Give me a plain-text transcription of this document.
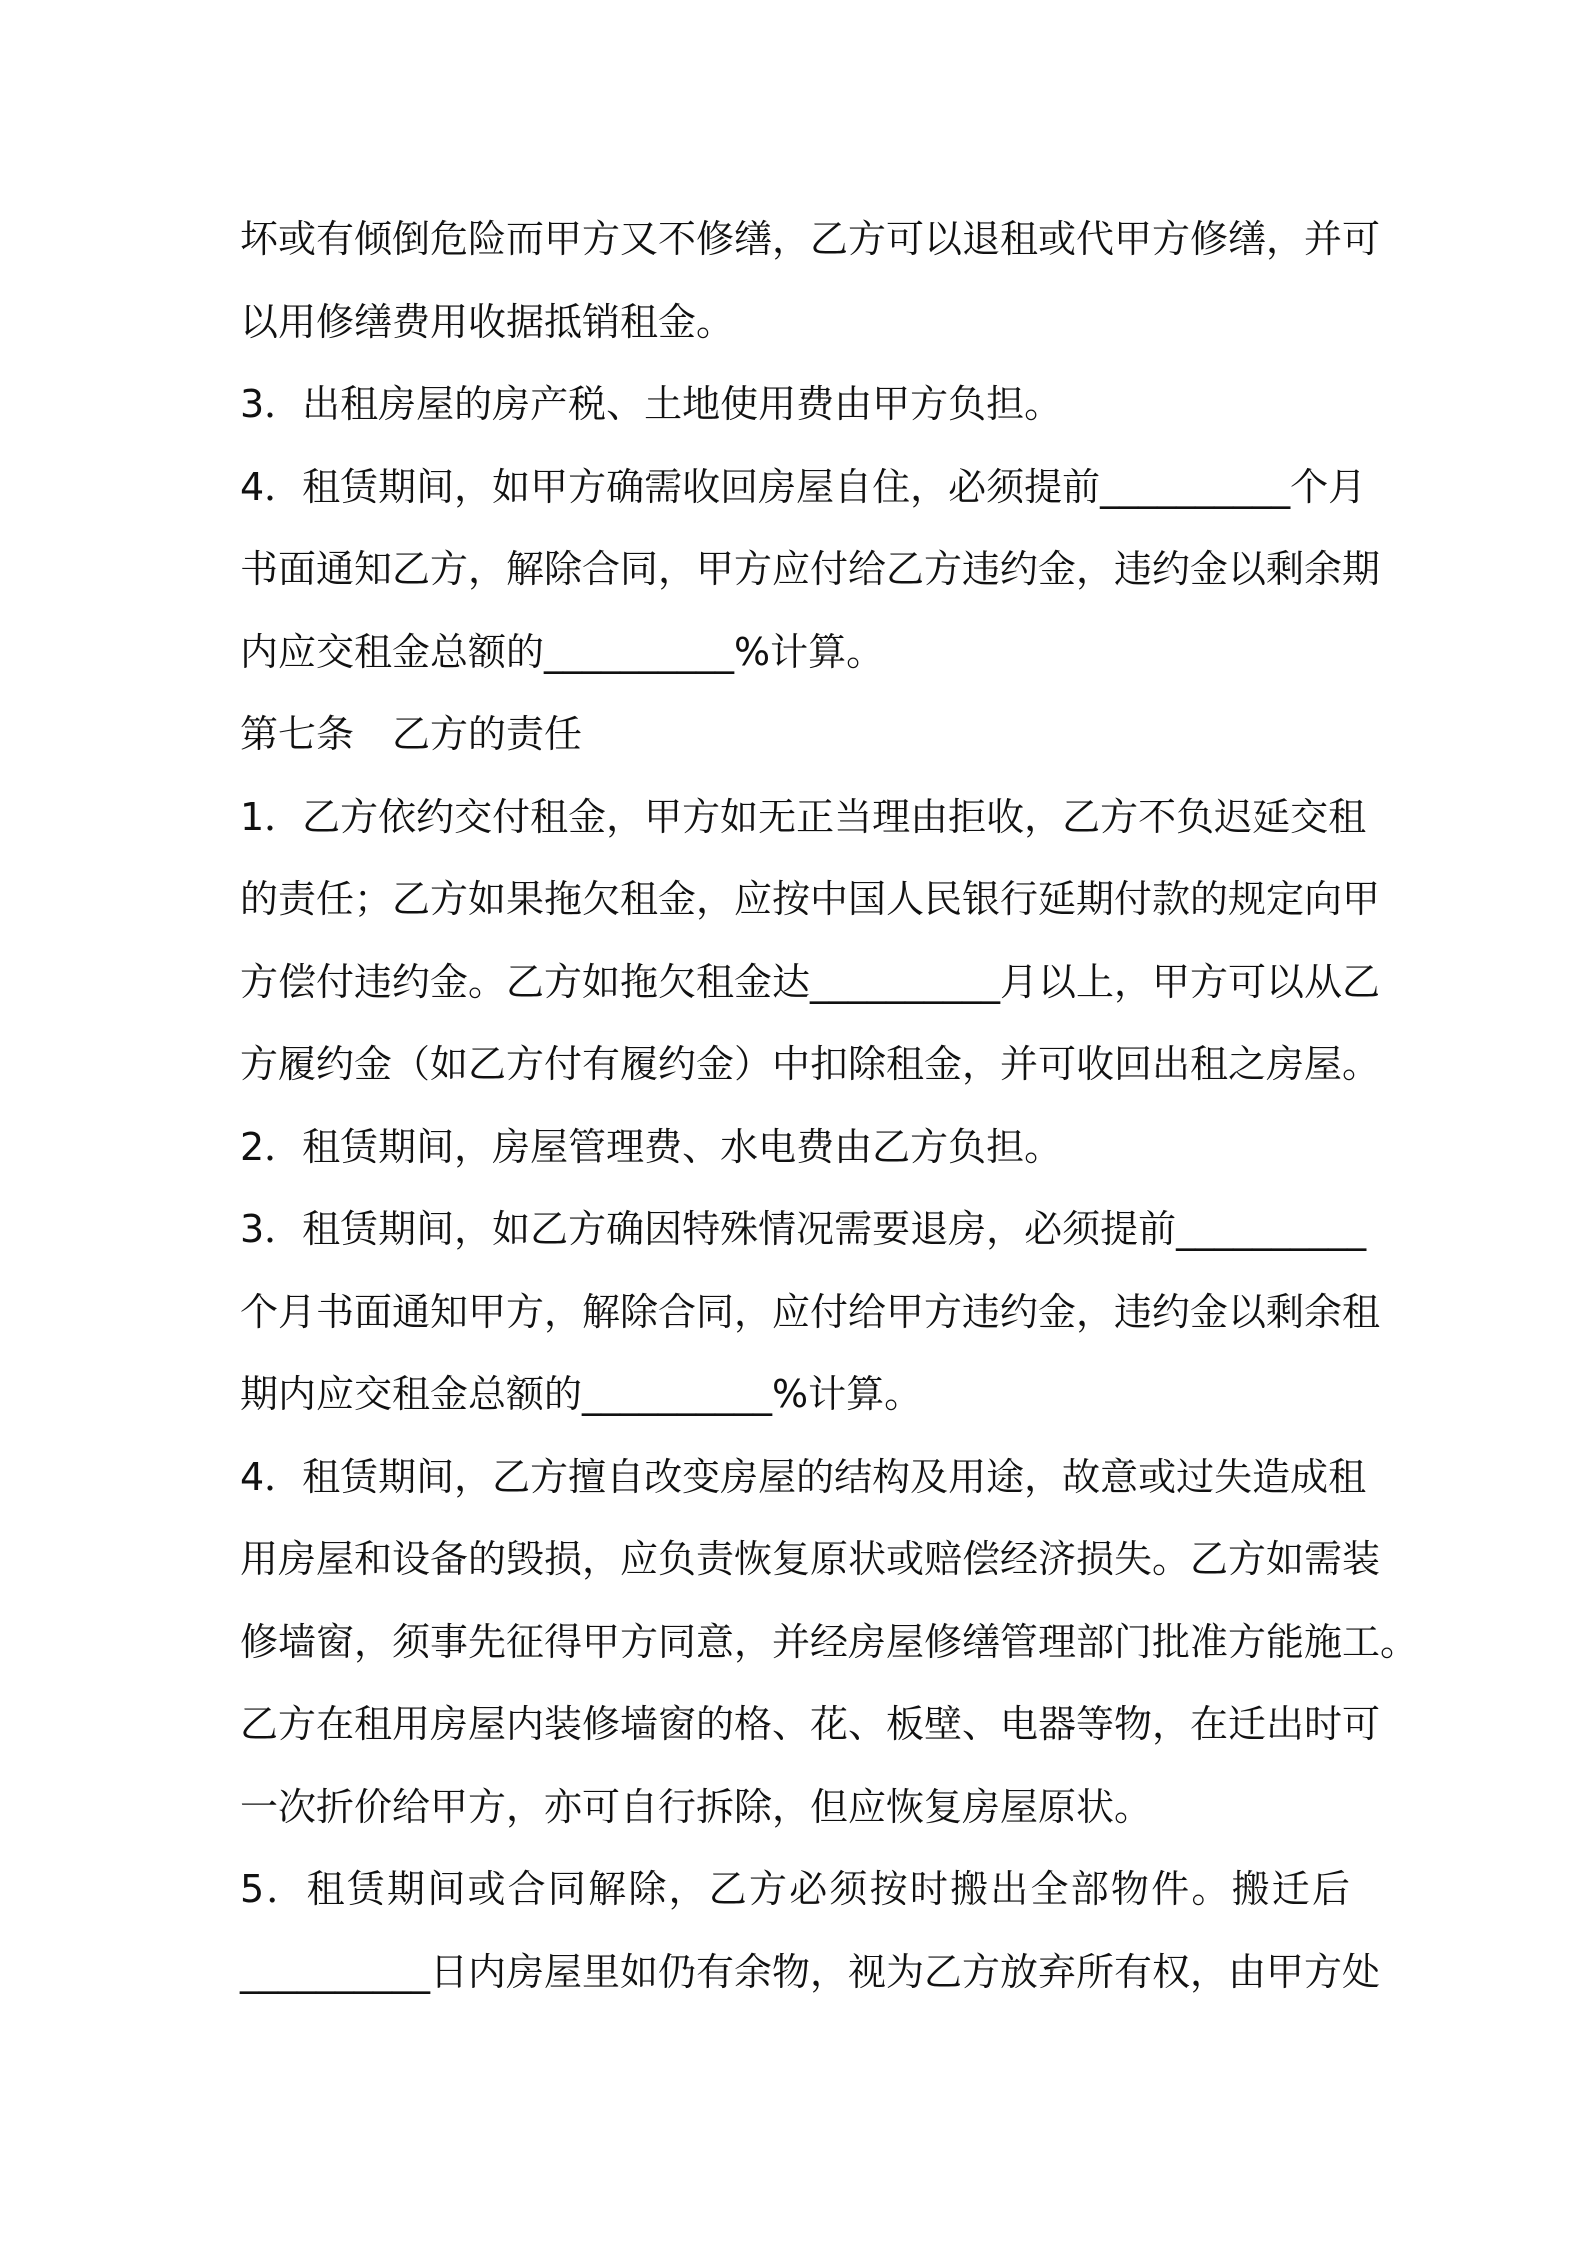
坏或有倾倒危险而甲方又不修缮，乙方可以退租或代甲方修缮，并可
以用修缮费用收据抵销租金。
3．出租房屋的房产税、土地使用费由甲方负担。
4．租赁期间，如甲方确需收回房屋自住，必须提前__________个月
书面通知乙方，解除合同，甲方应付给乙方违约金，违约金以剩余期
内应交租金总额的__________%计算。
第七条　乙方的责任
1．乙方依约交付租金，甲方如无正当理由拒收，乙方不负迟延交租
的责任；乙方如果拖欠租金，应按中国人民银行延期付款的规定向甲
方偿付违约金。乙方如拖欠租金达__________月以上，甲方可以从乙
方履约金（如乙方付有履约金）中扣除租金，并可收回出租之房屋。
2．租赁期间，房屋管理费、水电费由乙方负担。
3．租赁期间，如乙方确因特殊情况需要退房，必须提前__________
个月书面通知甲方，解除合同，应付给甲方违约金，违约金以剩余租
期内应交租金总额的__________%计算。
4．租赁期间，乙方擅自改变房屋的结构及用途，故意或过失造成租
用房屋和设备的毁损，应负责恢复原状或赔偿经济损失。乙方如需装
修墙窗，须事先征得甲方同意，并经房屋修缮管理部门批准方能施工。
乙方在租用房屋内装修墙窗的格、花、板壁、电器等物，在迁出时可
一次折价给甲方，亦可自行拆除，但应恢复房屋原状。
5．租赁期间或合同解除，乙方必须按时搬出全部物件。搬迁后
__________日内房屋里如仍有余物，视为乙方放弃所有权，由甲方处
